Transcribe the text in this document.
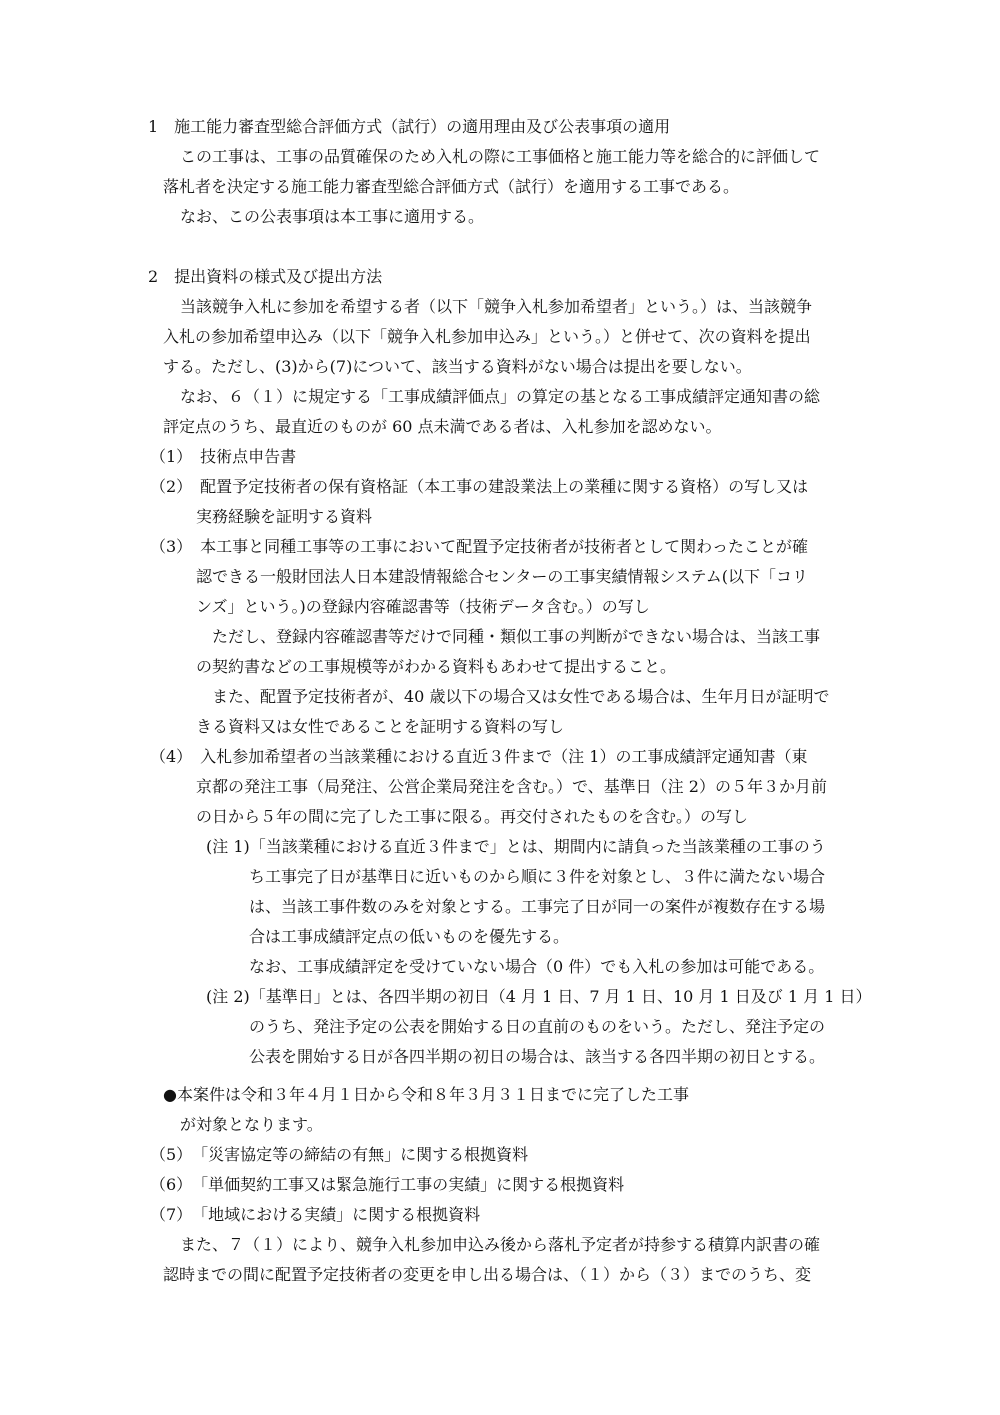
1　施工能力審査型総合評価方式（試行）の適用理由及び公表事項の適用
この工事は、工事の品質確保のため入札の際に工事価格と施工能力等を総合的に評価して
落札者を決定する施工能力審査型総合評価方式（試行）を適用する工事である。
なお、この公表事項は本工事に適用する。
2　提出資料の様式及び提出方法
当該競争入札に参加を希望する者（以下「競争入札参加希望者」という。）は、当該競争
入札の参加希望申込み（以下「競争入札参加申込み」という。）と併せて、次の資料を提出
する。ただし、(3)から(7)について、該当する資料がない場合は提出を要しない。
なお、６（１）に規定する「工事成績評価点」の算定の基となる工事成績評定通知書の総
評定点のうち、最直近のものが 60 点未満である者は、入札参加を認めない。
（1）　技術点申告書
（2）　配置予定技術者の保有資格証（本工事の建設業法上の業種に関する資格）の写し又は
実務経験を証明する資料
（3）　本工事と同種工事等の工事において配置予定技術者が技術者として関わったことが確
認できる一般財団法人日本建設情報総合センターの工事実績情報システム(以下「コリ
ンズ」という。)の登録内容確認書等（技術データ含む。）の写し
ただし、登録内容確認書等だけで同種・類似工事の判断ができない場合は、当該工事
の契約書などの工事規模等がわかる資料もあわせて提出すること。
また、配置予定技術者が、40 歳以下の場合又は女性である場合は、生年月日が証明で
きる資料又は女性であることを証明する資料の写し
（4）　入札参加希望者の当該業種における直近３件まで（注 1）の工事成績評定通知書（東
京都の発注工事（局発注、公営企業局発注を含む。）で、基準日（注 2）の５年３か月前
の日から５年の間に完了した工事に限る。再交付されたものを含む。）の写し
(注 1)「当該業種における直近３件まで」とは、期間内に請負った当該業種の工事のう
ち工事完了日が基準日に近いものから順に３件を対象とし、３件に満たない場合
は、当該工事件数のみを対象とする。工事完了日が同一の案件が複数存在する場
合は工事成績評定点の低いものを優先する。
なお、工事成績評定を受けていない場合（0 件）でも入札の参加は可能である。
(注 2)「基準日」とは、各四半期の初日（4 月 1 日、7 月 1 日、10 月 1 日及び 1 月 1 日）
のうち、発注予定の公表を開始する日の直前のものをいう。ただし、発注予定の
公表を開始する日が各四半期の初日の場合は、該当する各四半期の初日とする。
●本案件は令和３年４月１日から令和８年３月３１日までに完了した工事
が対象となります。
（5）　「災害協定等の締結の有無」に関する根拠資料
（6）　「単価契約工事又は緊急施行工事の実績」に関する根拠資料
（7）　「地域における実績」に関する根拠資料
また、７（１）により、競争入札参加申込み後から落札予定者が持参する積算内訳書の確
認時までの間に配置予定技術者の変更を申し出る場合は、（１）から（３）までのうち、変
